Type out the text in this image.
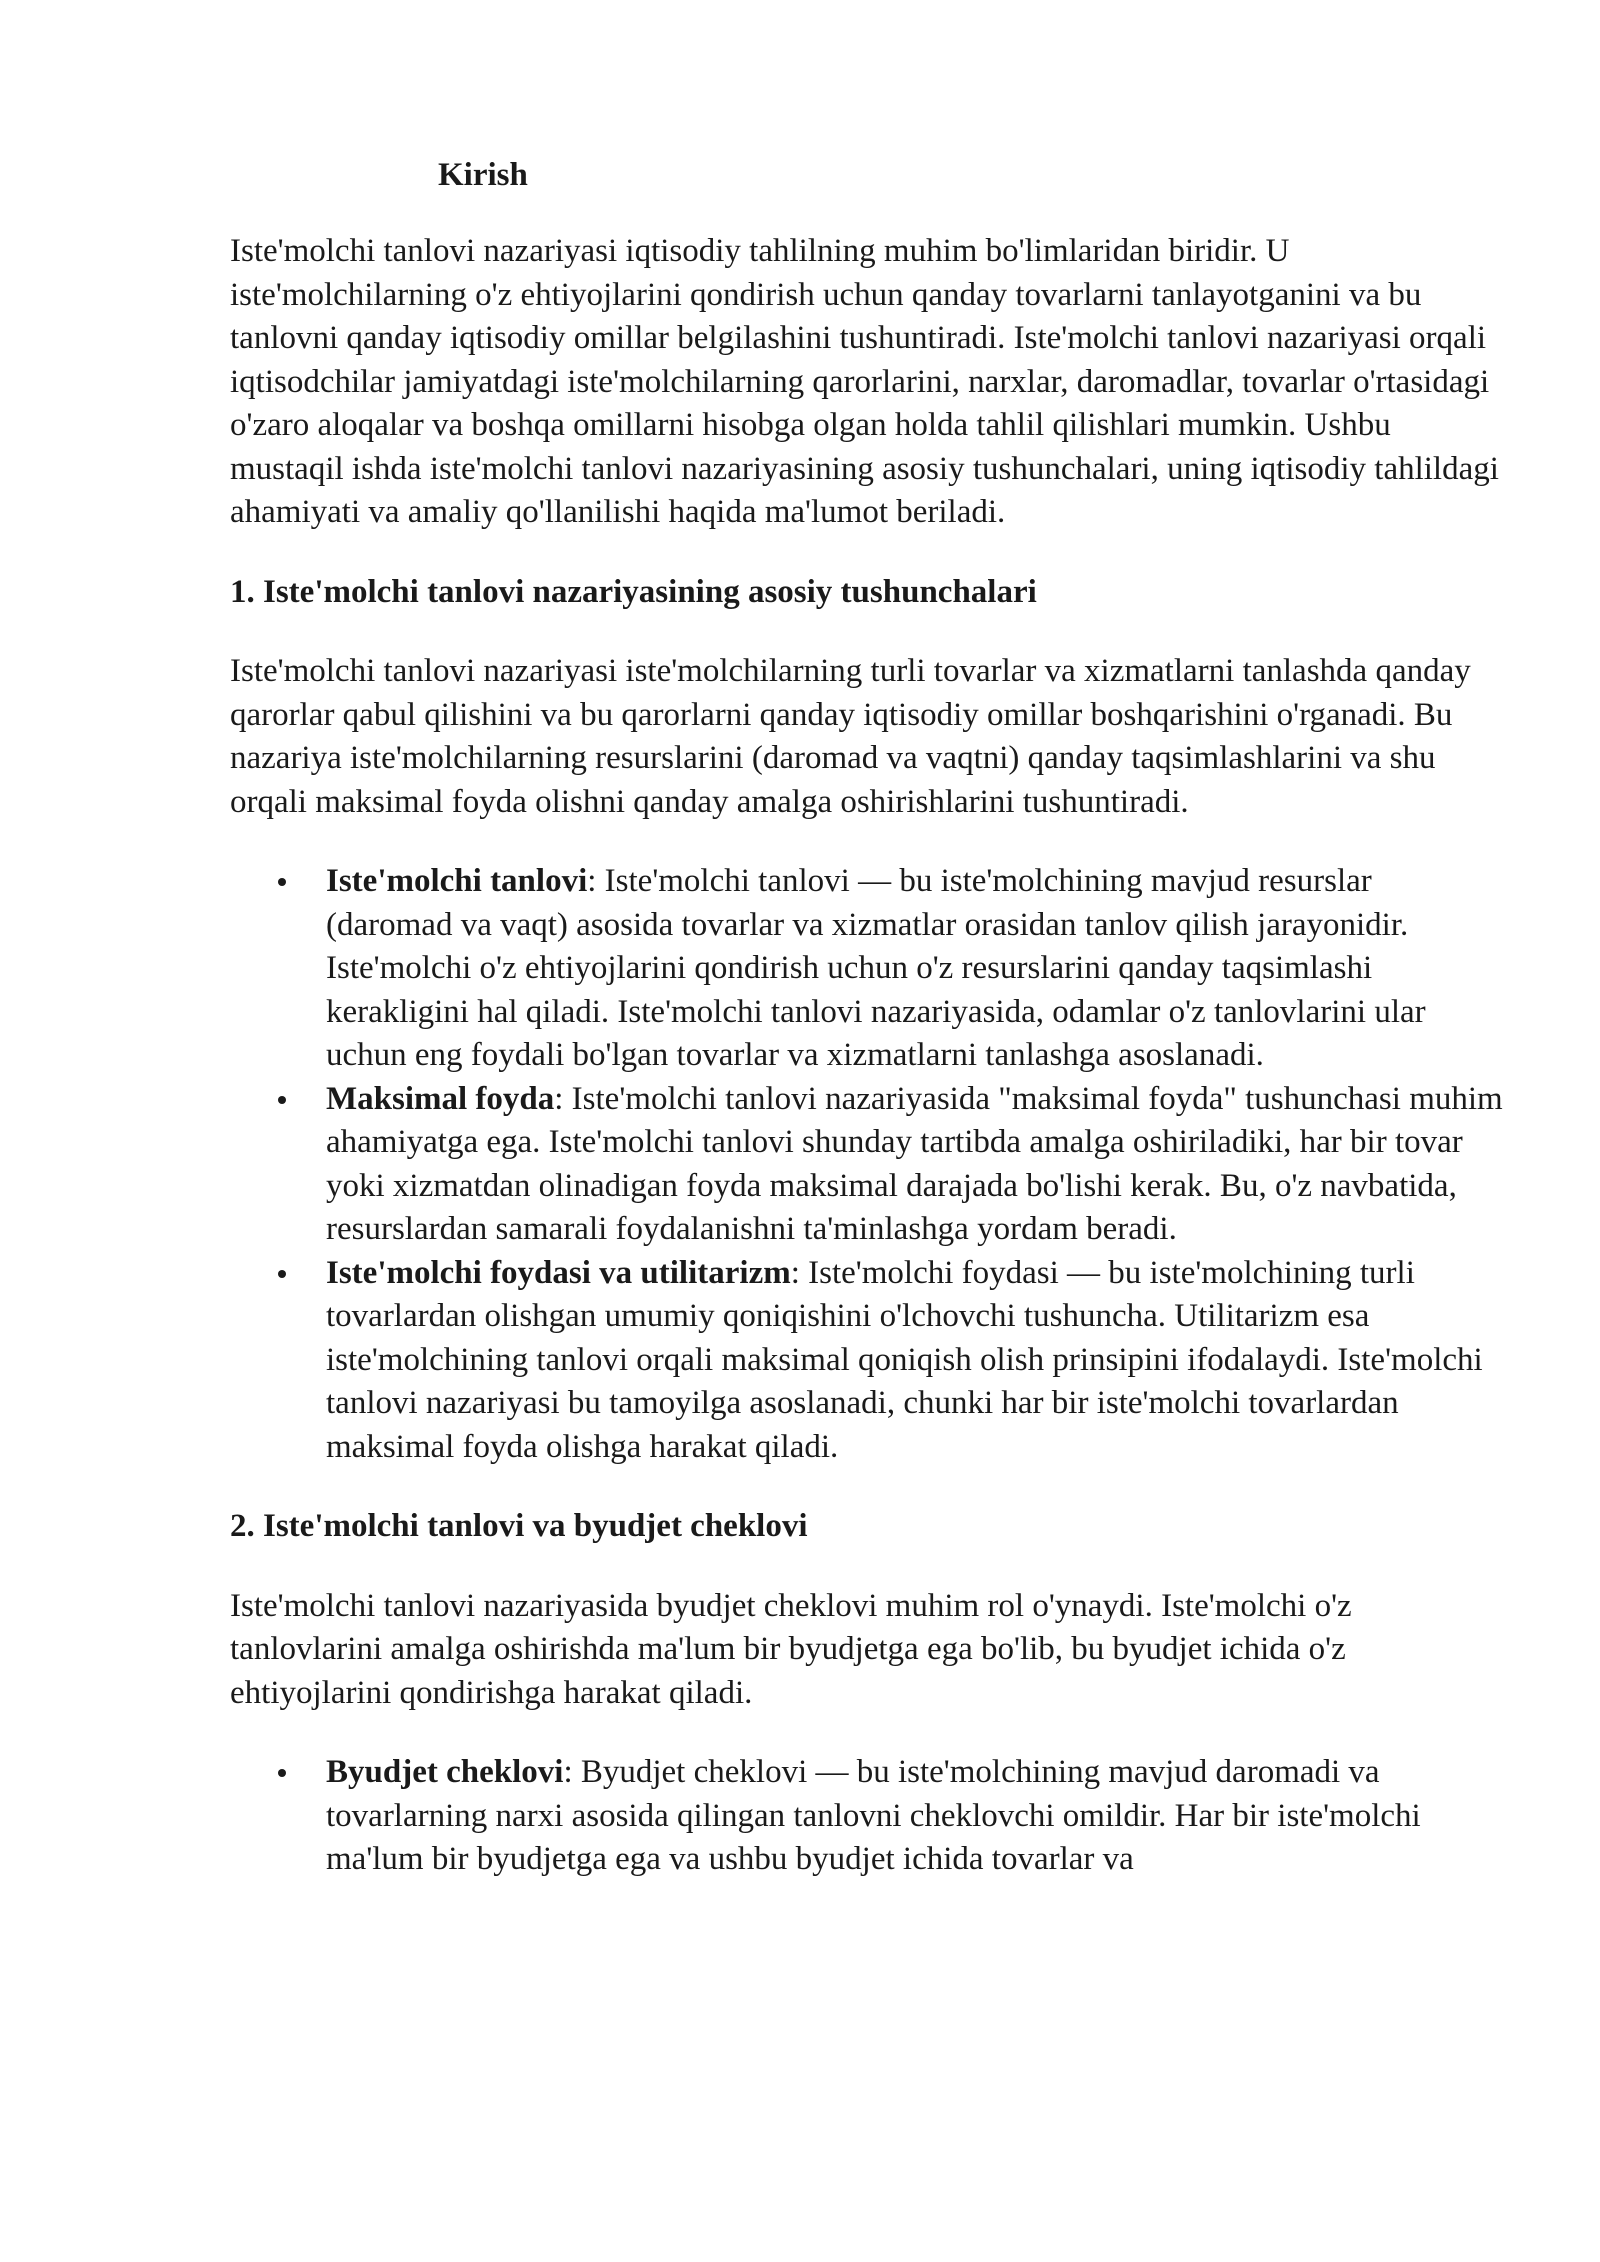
Kirish

Iste'molchi tanlovi nazariyasi iqtisodiy tahlilning muhim bo'limlaridan biridir. U iste'molchilarning o'z ehtiyojlarini qondirish uchun qanday tovarlarni tanlayotganini va bu tanlovni qanday iqtisodiy omillar belgilashini tushuntiradi. Iste'molchi tanlovi nazariyasi orqali iqtisodchilar jamiyatdagi iste'molchilarning qarorlarini, narxlar, daromadlar, tovarlar o'rtasidagi o'zaro aloqalar va boshqa omillarni hisobga olgan holda tahlil qilishlari mumkin. Ushbu mustaqil ishda iste'molchi tanlovi nazariyasining asosiy tushunchalari, uning iqtisodiy tahlildagi ahamiyati va amaliy qo'llanilishi haqida ma'lumot beriladi.

1. Iste'molchi tanlovi nazariyasining asosiy tushunchalari

Iste'molchi tanlovi nazariyasi iste'molchilarning turli tovarlar va xizmatlarni tanlashda qanday qarorlar qabul qilishini va bu qarorlarni qanday iqtisodiy omillar boshqarishini o'rganadi. Bu nazariya iste'molchilarning resurslarini (daromad va vaqtni) qanday taqsimlashlarini va shu orqali maksimal foyda olishni qanday amalga oshirishlarini tushuntiradi.

Iste'molchi tanlovi: Iste'molchi tanlovi — bu iste'molchining mavjud resurslar (daromad va vaqt) asosida tovarlar va xizmatlar orasidan tanlov qilish jarayonidir. Iste'molchi o'z ehtiyojlarini qondirish uchun o'z resurslarini qanday taqsimlashi kerakligini hal qiladi. Iste'molchi tanlovi nazariyasida, odamlar o'z tanlovlarini ular uchun eng foydali bo'lgan tovarlar va xizmatlarni tanlashga asoslanadi.
Maksimal foyda: Iste'molchi tanlovi nazariyasida "maksimal foyda" tushunchasi muhim ahamiyatga ega. Iste'molchi tanlovi shunday tartibda amalga oshiriladiki, har bir tovar yoki xizmatdan olinadigan foyda maksimal darajada bo'lishi kerak. Bu, o'z navbatida, resurslardan samarali foydalanishni ta'minlashga yordam beradi.
Iste'molchi foydasi va utilitarizm: Iste'molchi foydasi — bu iste'molchining turli tovarlardan olishgan umumiy qoniqishini o'lchovchi tushuncha. Utilitarizm esa iste'molchining tanlovi orqali maksimal qoniqish olish prinsipini ifodalaydi. Iste'molchi tanlovi nazariyasi bu tamoyilga asoslanadi, chunki har bir iste'molchi tovarlardan maksimal foyda olishga harakat qiladi.
2. Iste'molchi tanlovi va byudjet cheklovi

Iste'molchi tanlovi nazariyasida byudjet cheklovi muhim rol o'ynaydi. Iste'molchi o'z tanlovlarini amalga oshirishda ma'lum bir byudjetga ega bo'lib, bu byudjet ichida o'z ehtiyojlarini qondirishga harakat qiladi.

Byudjet cheklovi: Byudjet cheklovi — bu iste'molchining mavjud daromadi va tovarlarning narxi asosida qilingan tanlovni cheklovchi omildir. Har bir iste'molchi ma'lum bir byudjetga ega va ushbu byudjet ichida tovarlar va
